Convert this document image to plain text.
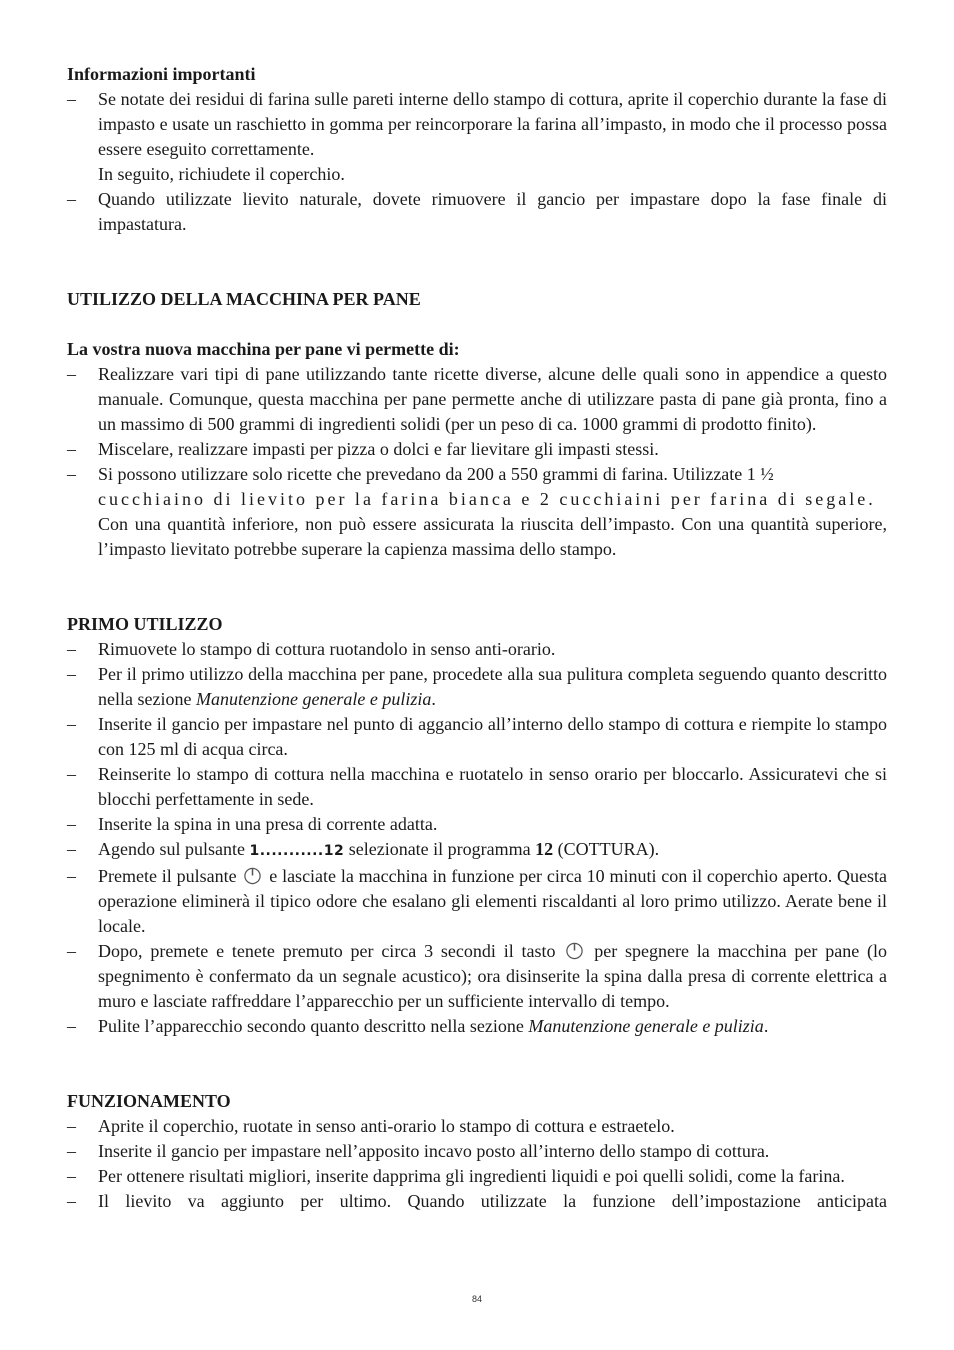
Informazioni importanti

– Se notate dei residui di farina sulle pareti interne dello stampo di cottura, aprite il coperchio durante la fase di impasto e usate un raschietto in gomma per reincorporare la farina all’impasto, in modo che il processo possa essere eseguito correttamente.
In seguito, richiudete il coperchio.
– Quando utilizzate lievito naturale, dovete rimuovere il gancio per impastare dopo la fase finale di impastatura.

UTILIZZO DELLA MACCHINA PER PANE

La vostra nuova macchina per pane vi permette di:

– Realizzare vari tipi di pane utilizzando tante ricette diverse, alcune delle quali sono in appendice a questo manuale. Comunque, questa macchina per pane permette anche di utilizzare pasta di pane già pronta, fino a un massimo di 500 grammi di ingredienti solidi (per un peso di ca. 1000 grammi di prodotto finito).
– Miscelare, realizzare impasti per pizza o dolci e far lievitare gli impasti stessi.
– Si possono utilizzare solo ricette che prevedano da 200 a 550 grammi di farina. Utilizzate 1 ½
cucchiaino di lievito per la farina bianca e 2 cucchiaini per farina di segale.
Con una quantità inferiore, non può essere assicurata la riuscita dell’impasto. Con una quantità superiore, l’impasto lievitato potrebbe superare la capienza massima dello stampo.

PRIMO UTILIZZO

– Rimuovete lo stampo di cottura ruotandolo in senso anti-orario.
– Per il primo utilizzo della macchina per pane, procedete alla sua pulitura completa seguendo quanto descritto nella sezione Manutenzione generale e pulizia.
– Inserite il gancio per impastare nel punto di aggancio all’interno dello stampo di cottura e riempite lo stampo con 125 ml di acqua circa.
– Reinserite lo stampo di cottura nella macchina e ruotatelo in senso orario per bloccarlo. Assicuratevi che si blocchi perfettamente in sede.
– Inserite la spina in una presa di corrente adatta.
– Agendo sul pulsante 1...........12 selezionate il programma 12 (COTTURA).
– Premete il pulsante  e lasciate la macchina in funzione per circa 10 minuti con il coperchio aperto. Questa operazione eliminerà il tipico odore che esalano gli elementi riscaldanti al loro primo utilizzo. Aerate bene il locale.
– Dopo, premete e tenete premuto per circa 3 secondi il tasto  per spegnere la macchina per pane (lo spegnimento è confermato da un segnale acustico); ora disinserite la spina dalla presa di corrente elettrica a muro e lasciate raffreddare l’apparecchio per un sufficiente intervallo di tempo.
– Pulite l’apparecchio secondo quanto descritto nella sezione Manutenzione generale e pulizia.

FUNZIONAMENTO

– Aprite il coperchio, ruotate in senso anti-orario lo stampo di cottura e estraetelo.
– Inserite il gancio per impastare nell’apposito incavo posto all’interno dello stampo di cottura.
– Per ottenere risultati migliori, inserite dapprima gli ingredienti liquidi e poi quelli solidi, come la farina.
– Il lievito va aggiunto per ultimo. Quando utilizzate la funzione dell’impostazione anticipata
84
